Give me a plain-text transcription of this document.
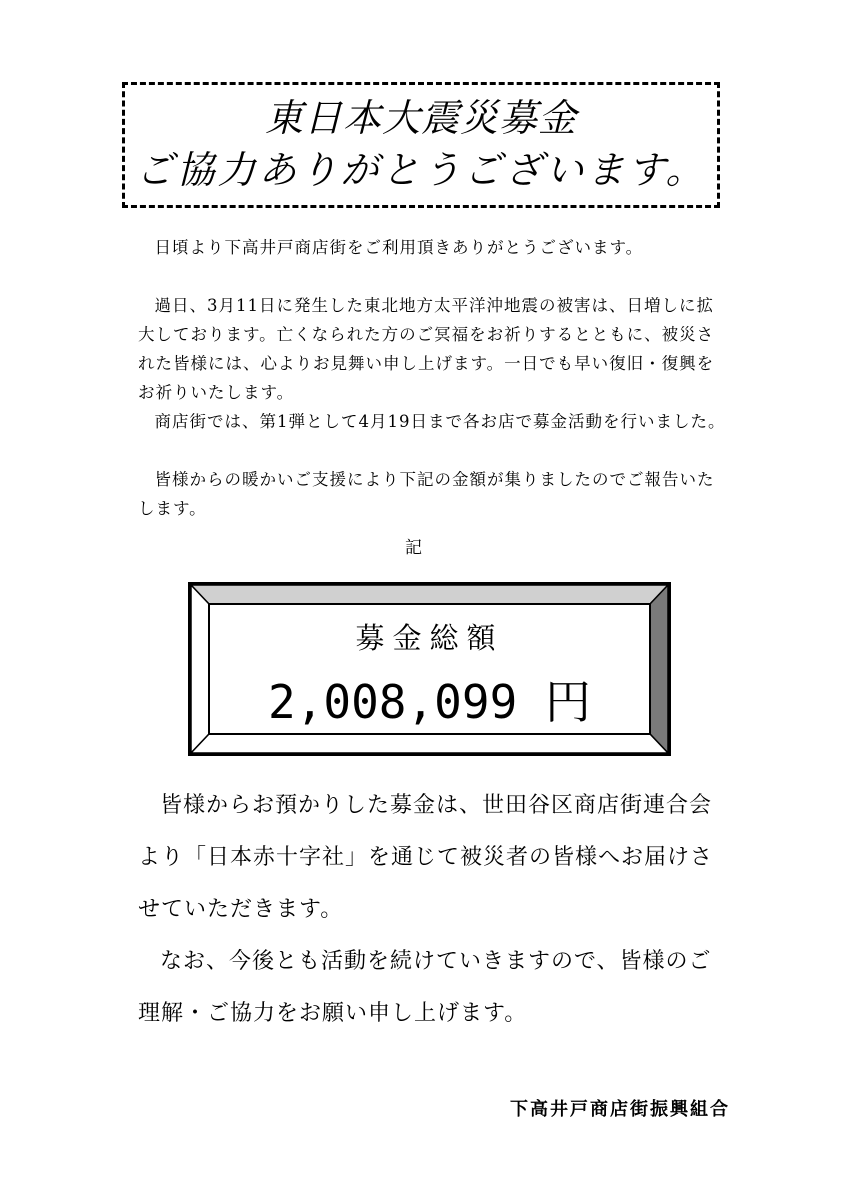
東日本大震災募金
ご協力ありがとうございます。

日頃より下高井戸商店街をご利用頂きありがとうございます。

過日、3月11日に発生した東北地方太平洋沖地震の被害は、日増しに拡大しております。亡くなられた方のご冥福をお祈りするとともに、被災された皆様には、心よりお見舞い申し上げます。一日でも早い復旧・復興をお祈りいたします。

商店街では、第1弾として4月19日まで各お店で募金活動を行いました。

皆様からの暖かいご支援により下記の金額が集りましたのでご報告いたします。

記
募金総額
2,008,099 円

皆様からお預かりした募金は、世田谷区商店街連合会より「日本赤十字社」を通じて被災者の皆様へお届けさせていただきます。

なお、今後とも活動を続けていきますので、皆様のご理解・ご協力をお願い申し上げます。

下高井戸商店街振興組合
